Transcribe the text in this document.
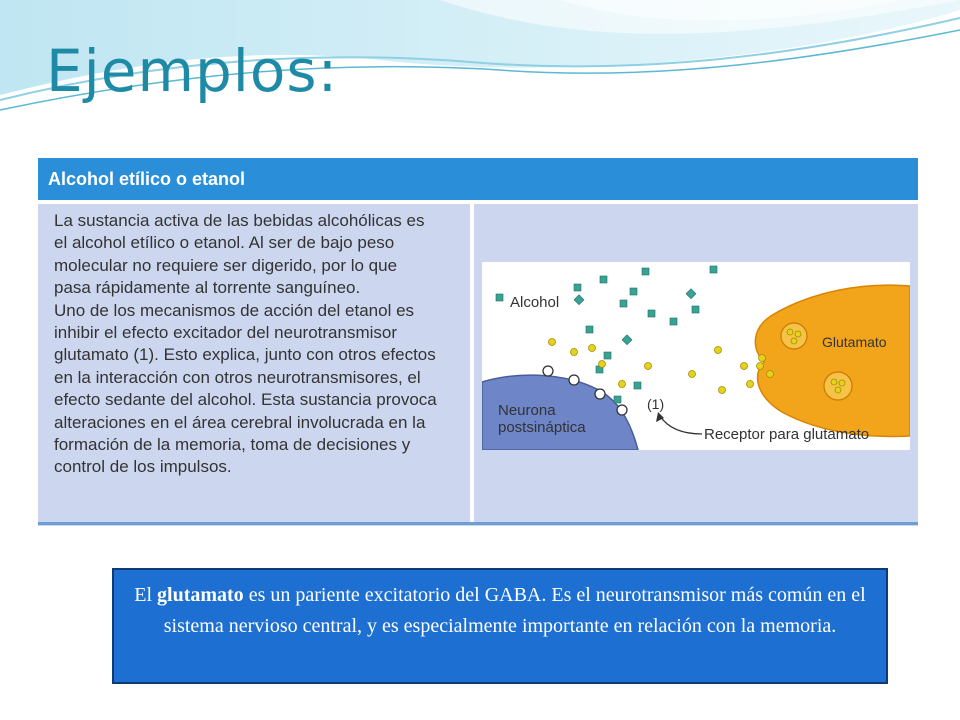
Ejemplos:
Alcohol etílico o etanol

La sustancia activa de las bebidas alcohólicas es
el alcohol etílico o etanol. Al ser de bajo peso
molecular no requiere ser digerido, por lo que
pasa rápidamente al torrente sanguíneo.
Uno de los mecanismos de acción del etanol es
inhibir el efecto excitador del neurotransmisor
glutamato (1). Esto explica, junto con otros efectos
en la interacción con otros neurotransmisores, el
efecto sedante del alcohol. Esta sustancia provoca
alteraciones en el área cerebral involucrada en la
formación de la memoria, toma de decisiones y
control de los impulsos.

Alcohol
Glutamato
Neurona
postsináptica
(1)
Receptor para glutamato
El glutamato es un pariente excitatorio del GABA. Es el neurotransmisor más común en el sistema nervioso central, y es especialmente importante en relación con la memoria.
